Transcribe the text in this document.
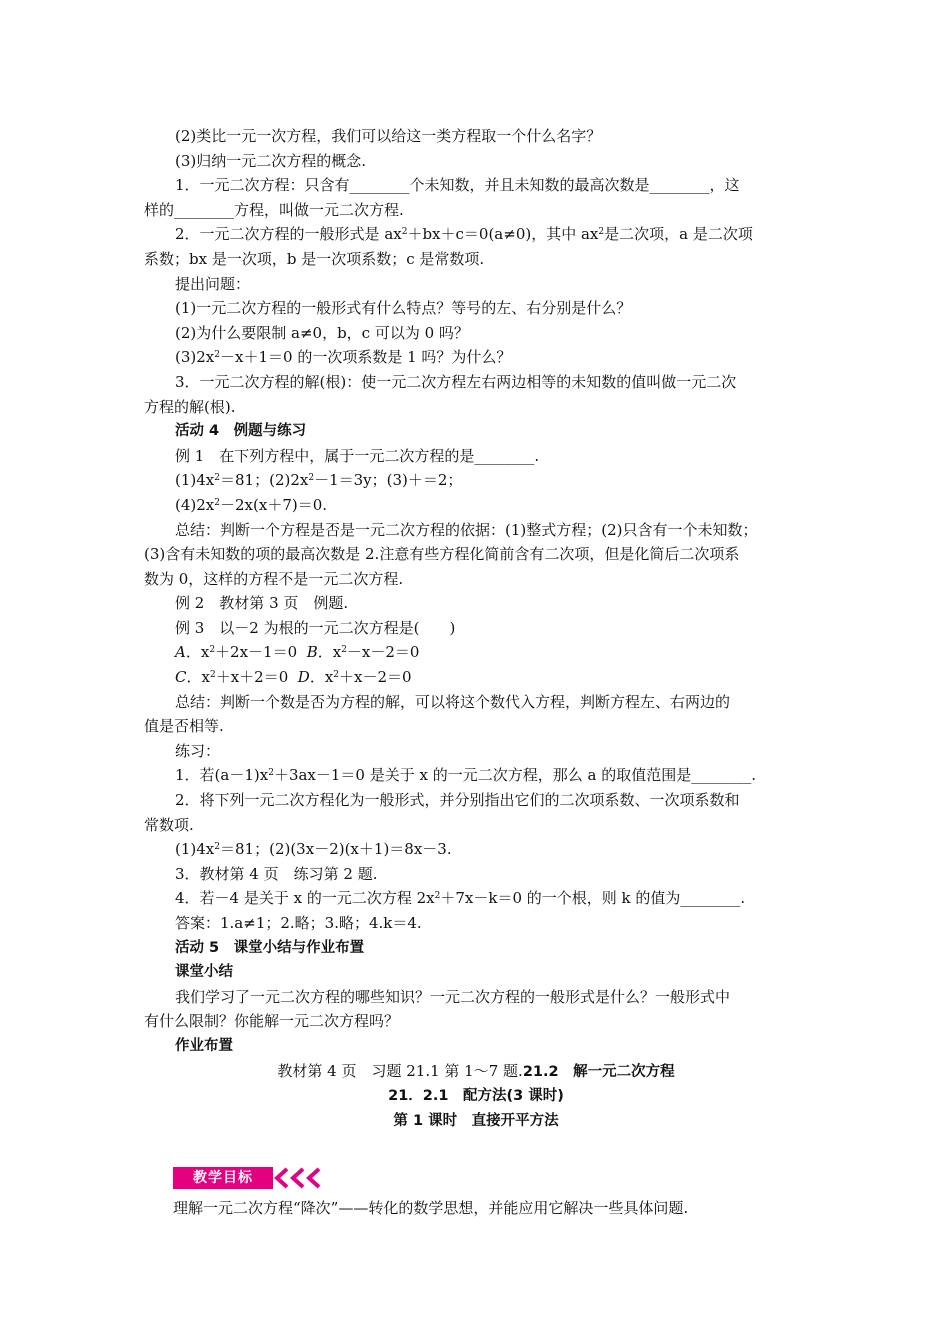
(2)类比一元一次方程，我们可以给这一类方程取一个什么名字？

(3)归纳一元二次方程的概念.

1．一元二次方程：只含有________个未知数，并且未知数的最高次数是________，这

样的________方程，叫做一元二次方程.

2．一元二次方程的一般形式是 $ax^2+bx+c=0(a\ne 0)$，其中 $ax^2$是二次项，a 是二次项

系数；bx 是一次项，b 是一次项系数；c 是常数项.

提出问题：

(1)一元二次方程的一般形式有什么特点？等号的左、右分别是什么？

(2)为什么要限制 a≠0，b，c 可以为 0 吗？

$(3)2x^2-x+1=0$ 的一次项系数是 1 吗？为什么？

3．一元二次方程的解(根)：使一元二次方程左右两边相等的未知数的值叫做一元二次

方程的解(根).

活动 4　例题与练习

例 1　在下列方程中，属于一元二次方程的是________.

$(1)4x^2=81$；$(2)2x^2-1=3y$；(3)＋＝2；

$(4)2x^2-2x(x+7)=0$.

总结：判断一个方程是否是一元二次方程的依据：(1)整式方程；(2)只含有一个未知数；

(3)含有未知数的项的最高次数是 2.注意有些方程化简前含有二次项，但是化简后二次项系

数为 0，这样的方程不是一元二次方程.

例 2　教材第 3 页　例题.

例 3　以－2 为根的一元二次方程是(　　)

A．$x^2+2x-1=0$ B．$x^2-x-2=0$

C．$x^2+x+2=0$ D．$x^2+x-2=0$

总结：判断一个数是否为方程的解，可以将这个数代入方程，判断方程左、右两边的

值是否相等.

练习：

1．若$(a-1)x^2+3ax-1=0$ 是关于 x 的一元二次方程，那么 a 的取值范围是________.

2．将下列一元二次方程化为一般形式，并分别指出它们的二次项系数、一次项系数和

常数项.

$(1)4x^2=81$；(2)(3x－2)(x＋1)＝8x－3.

3．教材第 4 页　练习第 2 题.

4．若－4 是关于 x 的一元二次方程 $2x^2+7x-k=0$ 的一个根，则 k 的值为________.

答案：1.a≠1；2.略；3.略；4.k＝4.

活动 5　课堂小结与作业布置

课堂小结

我们学习了一元二次方程的哪些知识？一元二次方程的一般形式是什么？一般形式中

有什么限制？你能解一元二次方程吗？

作业布置

教材第 4 页　习题 21.1 第 1～7 题.21.2　解一元二次方程

21．2.1　配方法(3 课时)

第 1 课时　直接开平方法

教学目标
理解一元二次方程“降次”——转化的数学思想，并能应用它解决一些具体问题.
